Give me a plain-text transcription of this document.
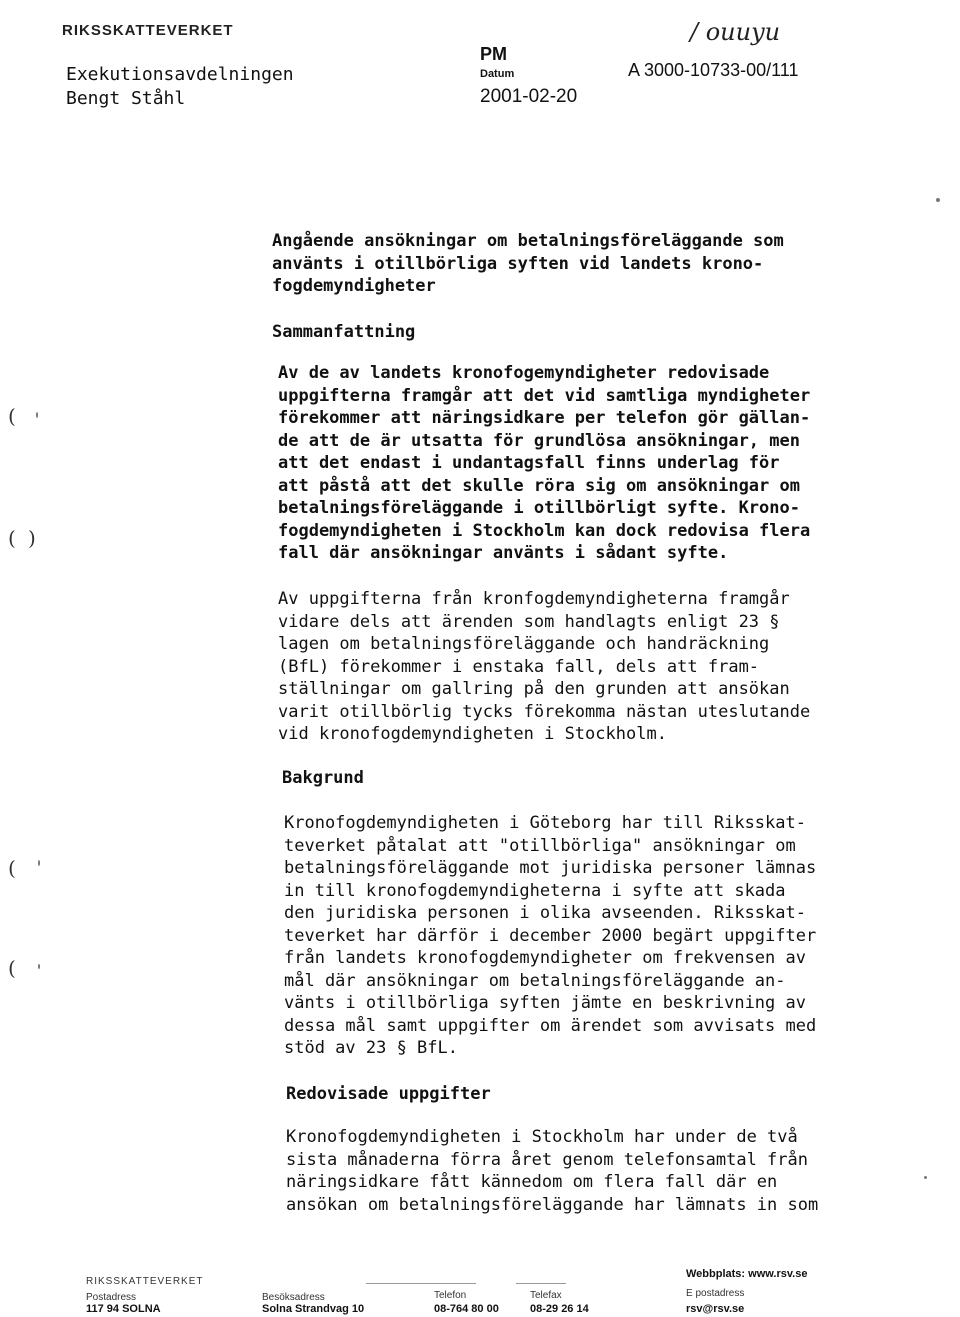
RIKSSKATTEVERKET
Exekutionsavdelningen
Bengt Ståhl
PM
Datum
2001-02-20
/ ouuyu
A 3000-10733-00/111
Angående ansökningar om betalningsföreläggande som
använts i otillbörliga syften vid landets krono-
fogdemyndigheter
Sammanfattning
Av de av landets kronofogemyndigheter redovisade
uppgifterna framgår att det vid samtliga myndigheter
förekommer att näringsidkare per telefon gör gällan-
de att de är utsatta för grundlösa ansökningar, men
att det endast i undantagsfall finns underlag för
att påstå att det skulle röra sig om ansökningar om
betalningsföreläggande i otillbörligt syfte. Krono-
fogdemyndigheten i Stockholm kan dock redovisa flera
fall där ansökningar använts i sådant syfte.
Av uppgifterna från kronfogdemyndigheterna framgår
vidare dels att ärenden som handlagts enligt 23 §
lagen om betalningsföreläggande och handräckning
(BfL) förekommer i enstaka fall, dels att fram-
ställningar om gallring på den grunden att ansökan
varit otillbörlig tycks förekomma nästan uteslutande
vid kronofogdemyndigheten i Stockholm.
Bakgrund
Kronofogdemyndigheten i Göteborg har till Riksskat-
teverket påtalat att "otillbörliga" ansökningar om
betalningsföreläggande mot juridiska personer lämnas
in till kronofogdemyndigheterna i syfte att skada
den juridiska personen i olika avseenden. Riksskat-
teverket har därför i december 2000 begärt uppgifter
från landets kronofogdemyndigheter om frekvensen av
mål där ansökningar om betalningsföreläggande an-
vänts i otillbörliga syften jämte en beskrivning av
dessa mål samt uppgifter om ärendet som avvisats med
stöd av 23 § BfL.
Redovisade uppgifter
Kronofogdemyndigheten i Stockholm har under de två
sista månaderna förra året genom telefonsamtal från
näringsidkare fått kännedom om flera fall där en
ansökan om betalningsföreläggande har lämnats in som
(
( )
(
(
RIKSSKATTEVERKET
Postadress
117 94 SOLNA
Besöksadress
Solna Strandvag 10
Telefon
08-764 80 00
Telefax
08-29 26 14
Webbplats: www.rsv.se
E postadress
rsv@rsv.se
